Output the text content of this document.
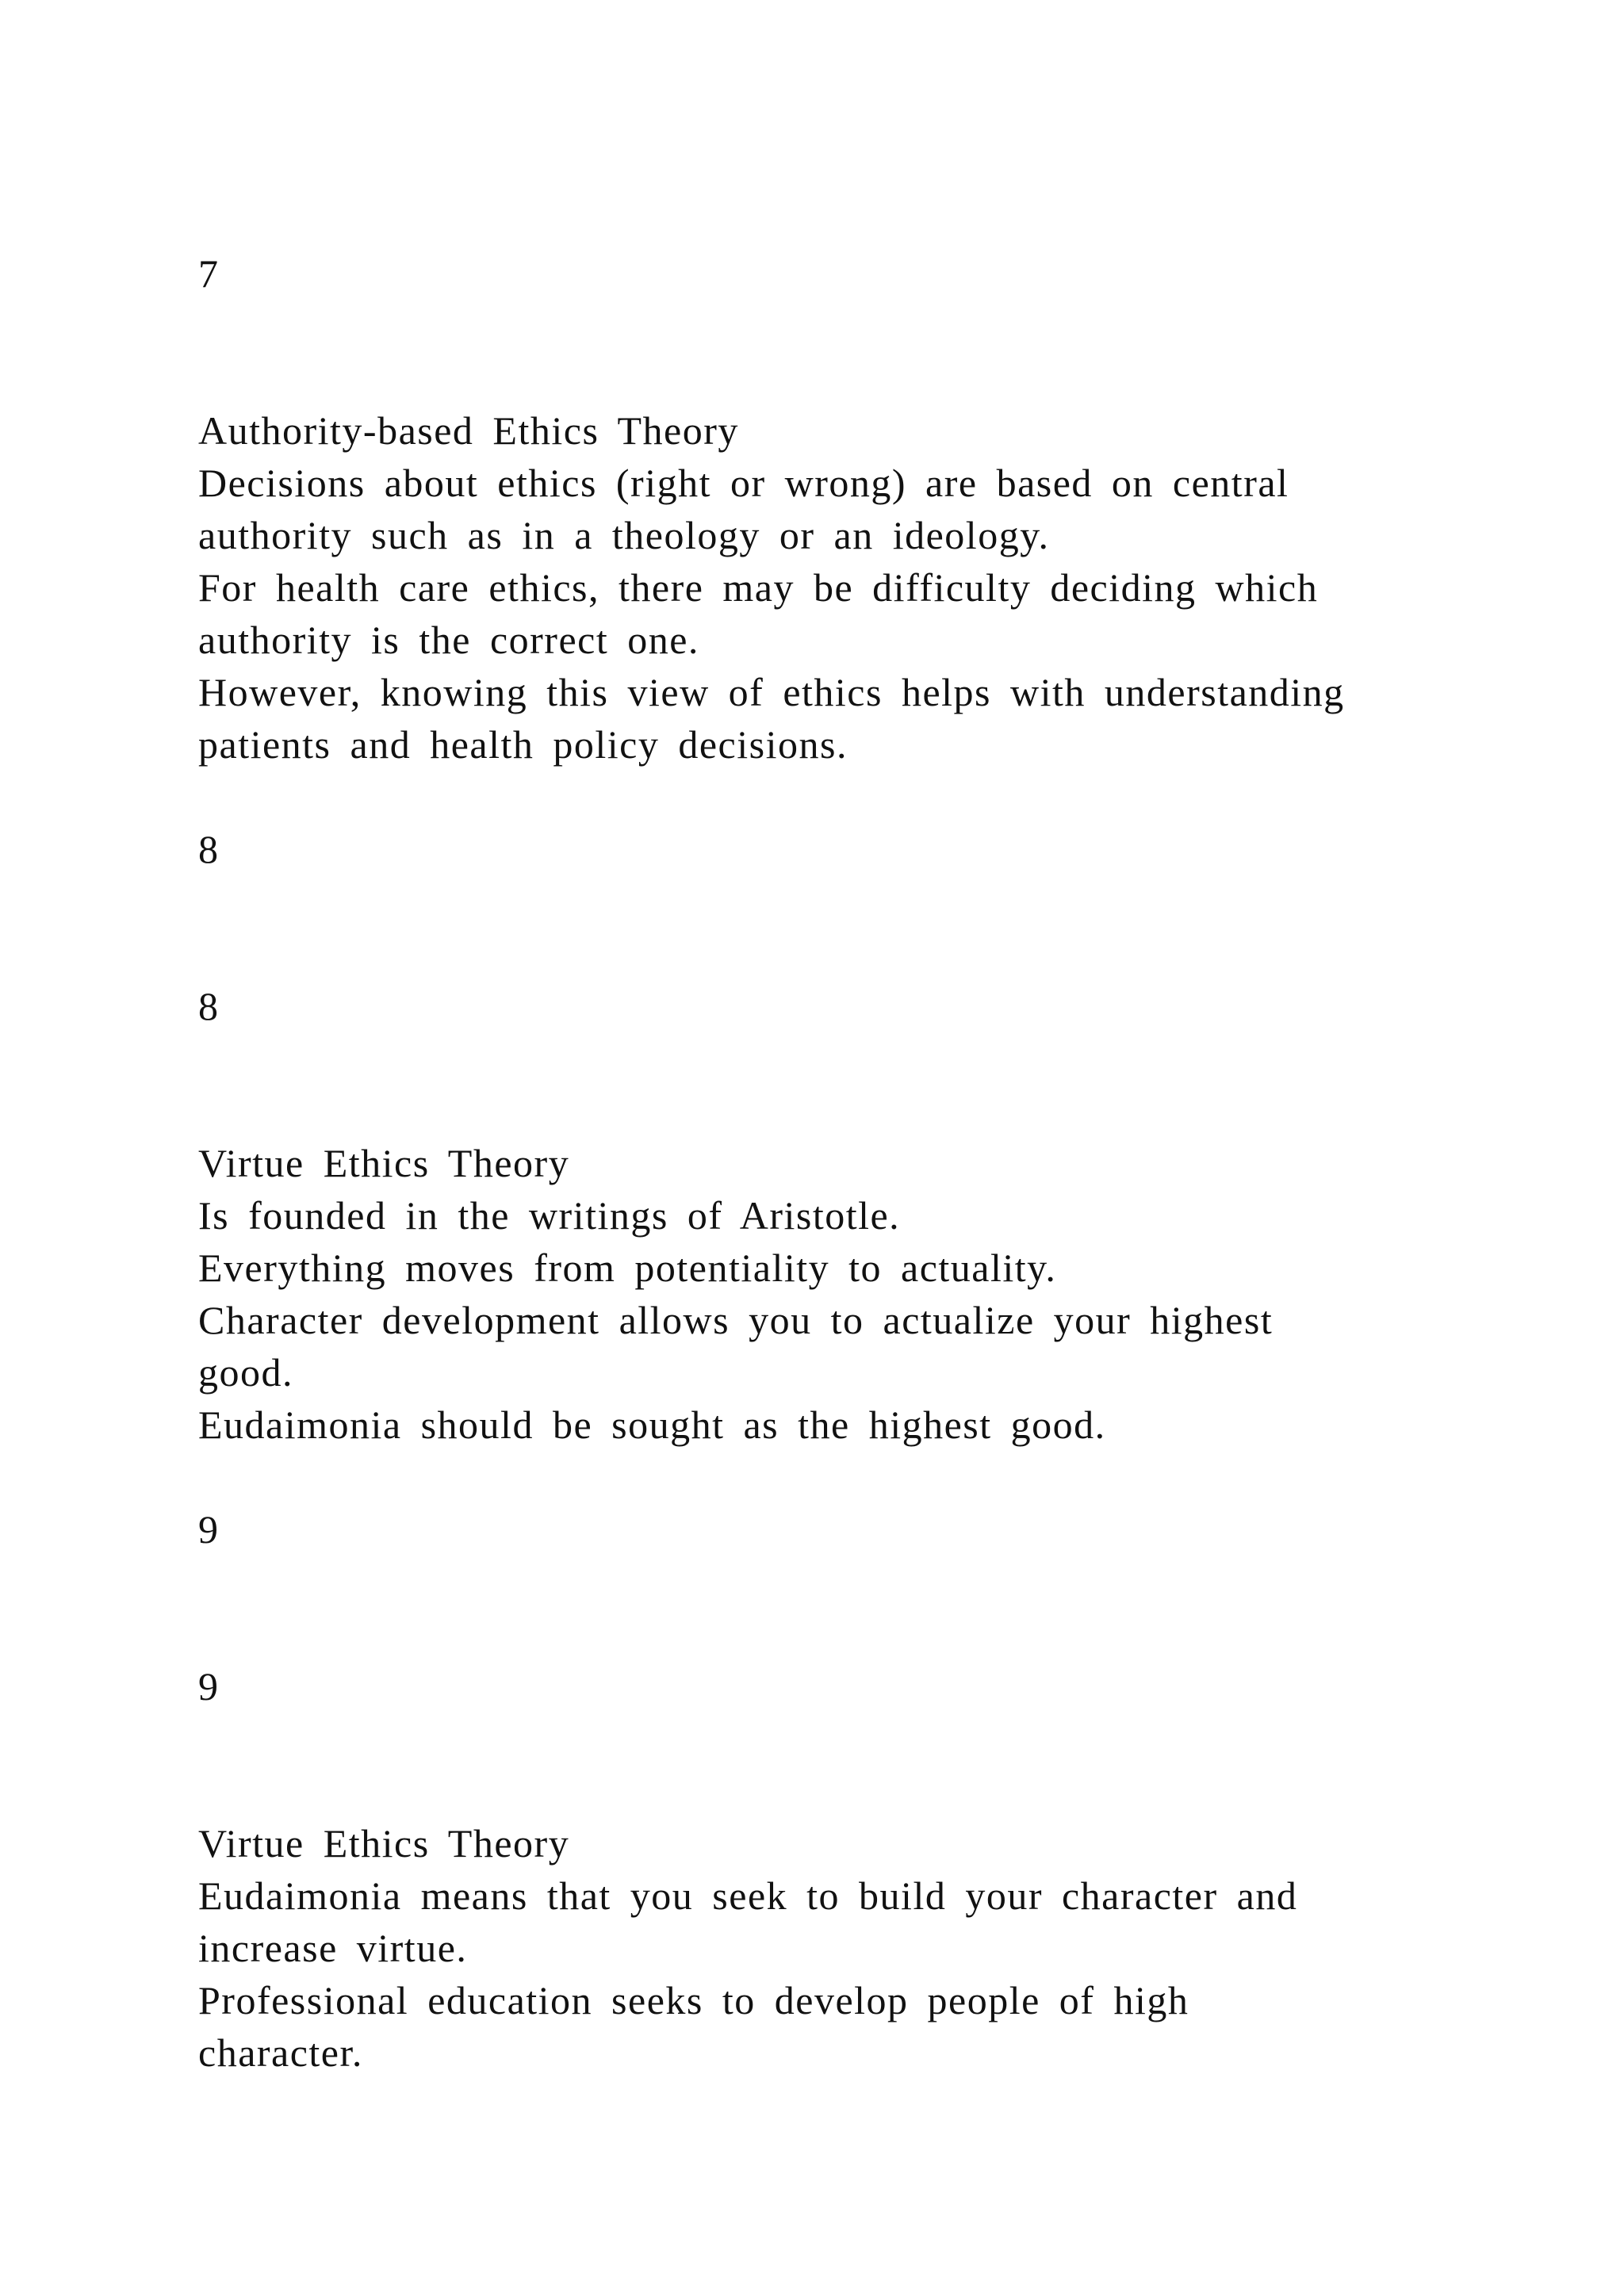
7
Authority-based Ethics Theory
Decisions about ethics (right or wrong) are based on central
authority such as in a theology or an ideology.
For health care ethics, there may be difficulty deciding which
authority is the correct one.
However, knowing this view of ethics helps with understanding
patients and health policy decisions.
8
8
Virtue Ethics Theory
Is founded in the writings of Aristotle.
Everything moves from potentiality to actuality.
Character development allows you to actualize your highest
good.
Eudaimonia should be sought as the highest good.
9
9
Virtue Ethics Theory
Eudaimonia means that you seek to build your character and
increase virtue.
Professional education seeks to develop people of high
character.
